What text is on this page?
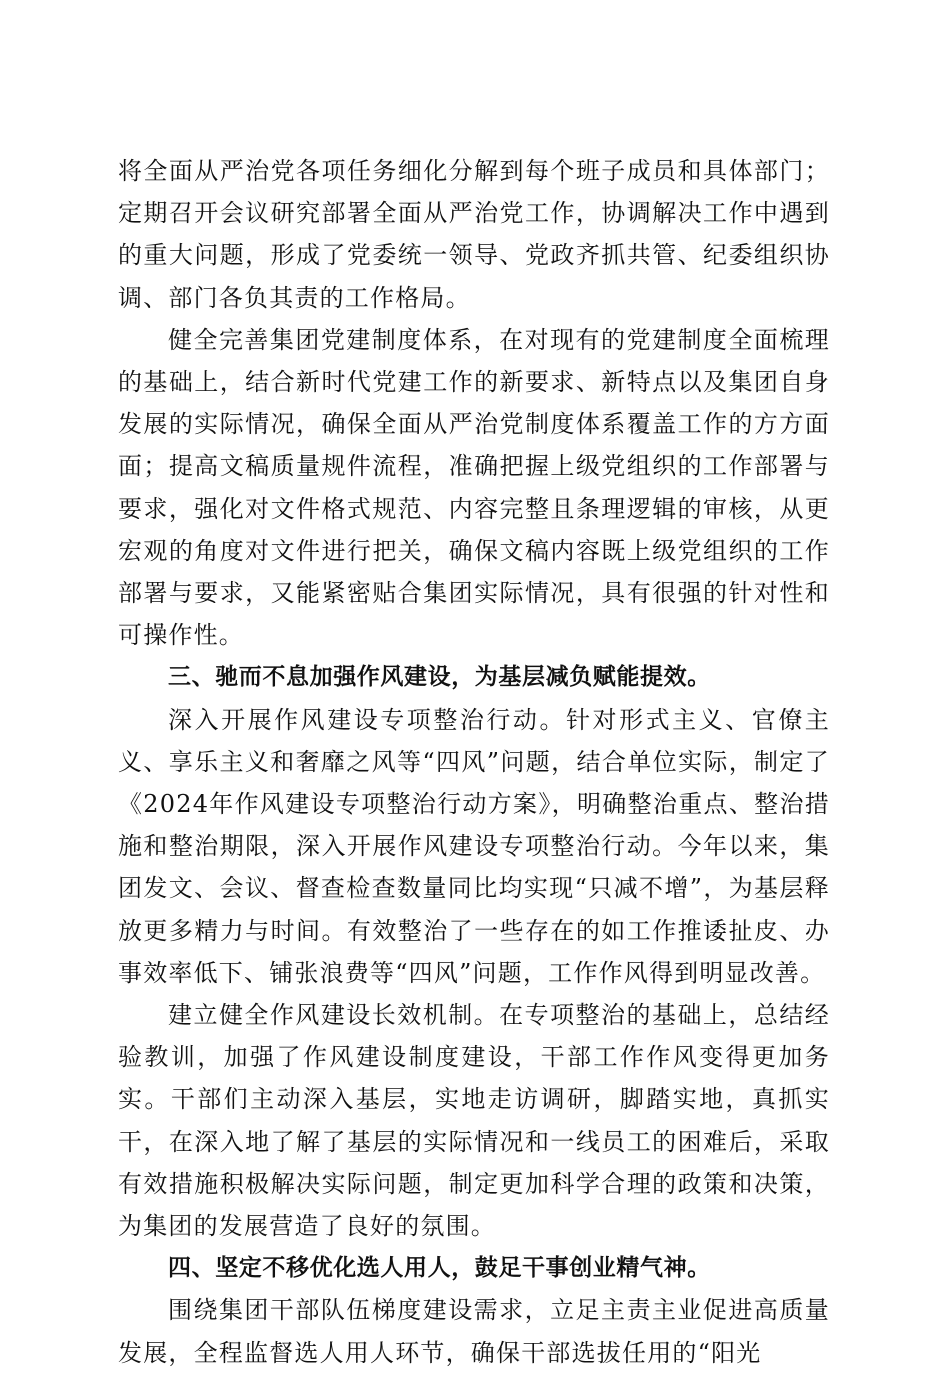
将全面从严治党各项任务细化分解到每个班子成员和具体部门；定期召开会议研究部署全面从严治党工作，协调解决工作中遇到的重大问题，形成了党委统一领导、党政齐抓共管、纪委组织协调、部门各负其责的工作格局。

健全完善集团党建制度体系，在对现有的党建制度全面梳理的基础上，结合新时代党建工作的新要求、新特点以及集团自身发展的实际情况，确保全面从严治党制度体系覆盖工作的方方面面；提高文稿质量规件流程，准确把握上级党组织的工作部署与要求，强化对文件格式规范、内容完整且条理逻辑的审核，从更宏观的角度对文件进行把关，确保文稿内容既上级党组织的工作部署与要求，又能紧密贴合集团实际情况，具有很强的针对性和可操作性。

三、驰而不息加强作风建设，为基层减负赋能提效。

深入开展作风建设专项整治行动。针对形式主义、官僚主义、享乐主义和奢靡之风等“四风”问题，结合单位实际，制定了《2024年作风建设专项整治行动方案》，明确整治重点、整治措施和整治期限，深入开展作风建设专项整治行动。今年以来，集团发文、会议、督查检查数量同比均实现“只减不增”，为基层释放更多精力与时间。有效整治了一些存在的如工作推诿扯皮、办事效率低下、铺张浪费等“四风”问题，工作作风得到明显改善。

建立健全作风建设长效机制。在专项整治的基础上，总结经验教训，加强了作风建设制度建设，干部工作作风变得更加务实。干部们主动深入基层，实地走访调研，脚踏实地，真抓实干，在深入地了解了基层的实际情况和一线员工的困难后，采取有效措施积极解决实际问题，制定更加科学合理的政策和决策，为集团的发展营造了良好的氛围。

四、坚定不移优化选人用人，鼓足干事创业精气神。

围绕集团干部队伍梯度建设需求，立足主责主业促进高质量发展，全程监督选人用人环节，确保干部选拔任用的“阳光
